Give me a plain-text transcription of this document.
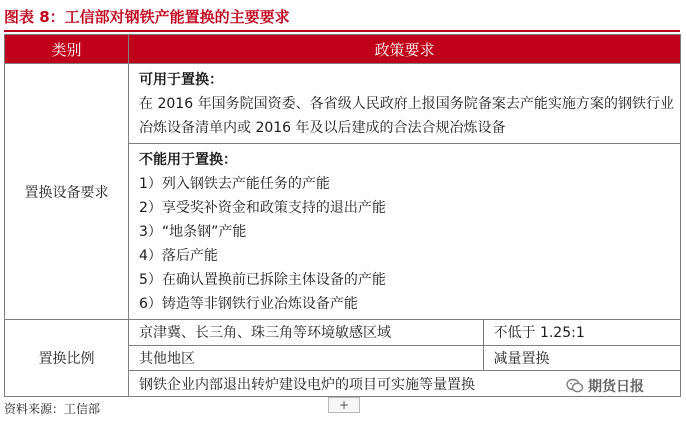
图表 8：工信部对钢铁产能置换的主要要求
类别	政策要求
置换设备要求	
可用于置换：
在 2016 年国务院国资委、各省级人民政府上报国务院备案去产能实施方案的钢铁行业冶炼设备清单内或 2016 年及以后建成的合法合规冶炼设备
不能用于置换：
1）列入钢铁去产能任务的产能
2）享受奖补资金和政策支持的退出产能
3）“地条钢”产能
4）落后产能
5）在确认置换前已拆除主体设备的产能
6）铸造等非钢铁行业冶炼设备产能

置换比例	
京津冀、长三角、珠三角等环境敏感区域	不低于 1.25:1
其他地区	减量置换
钢铁企业内部退出转炉建设电炉的项目可实施等量置换
资料来源：工信部	+
期货日报
